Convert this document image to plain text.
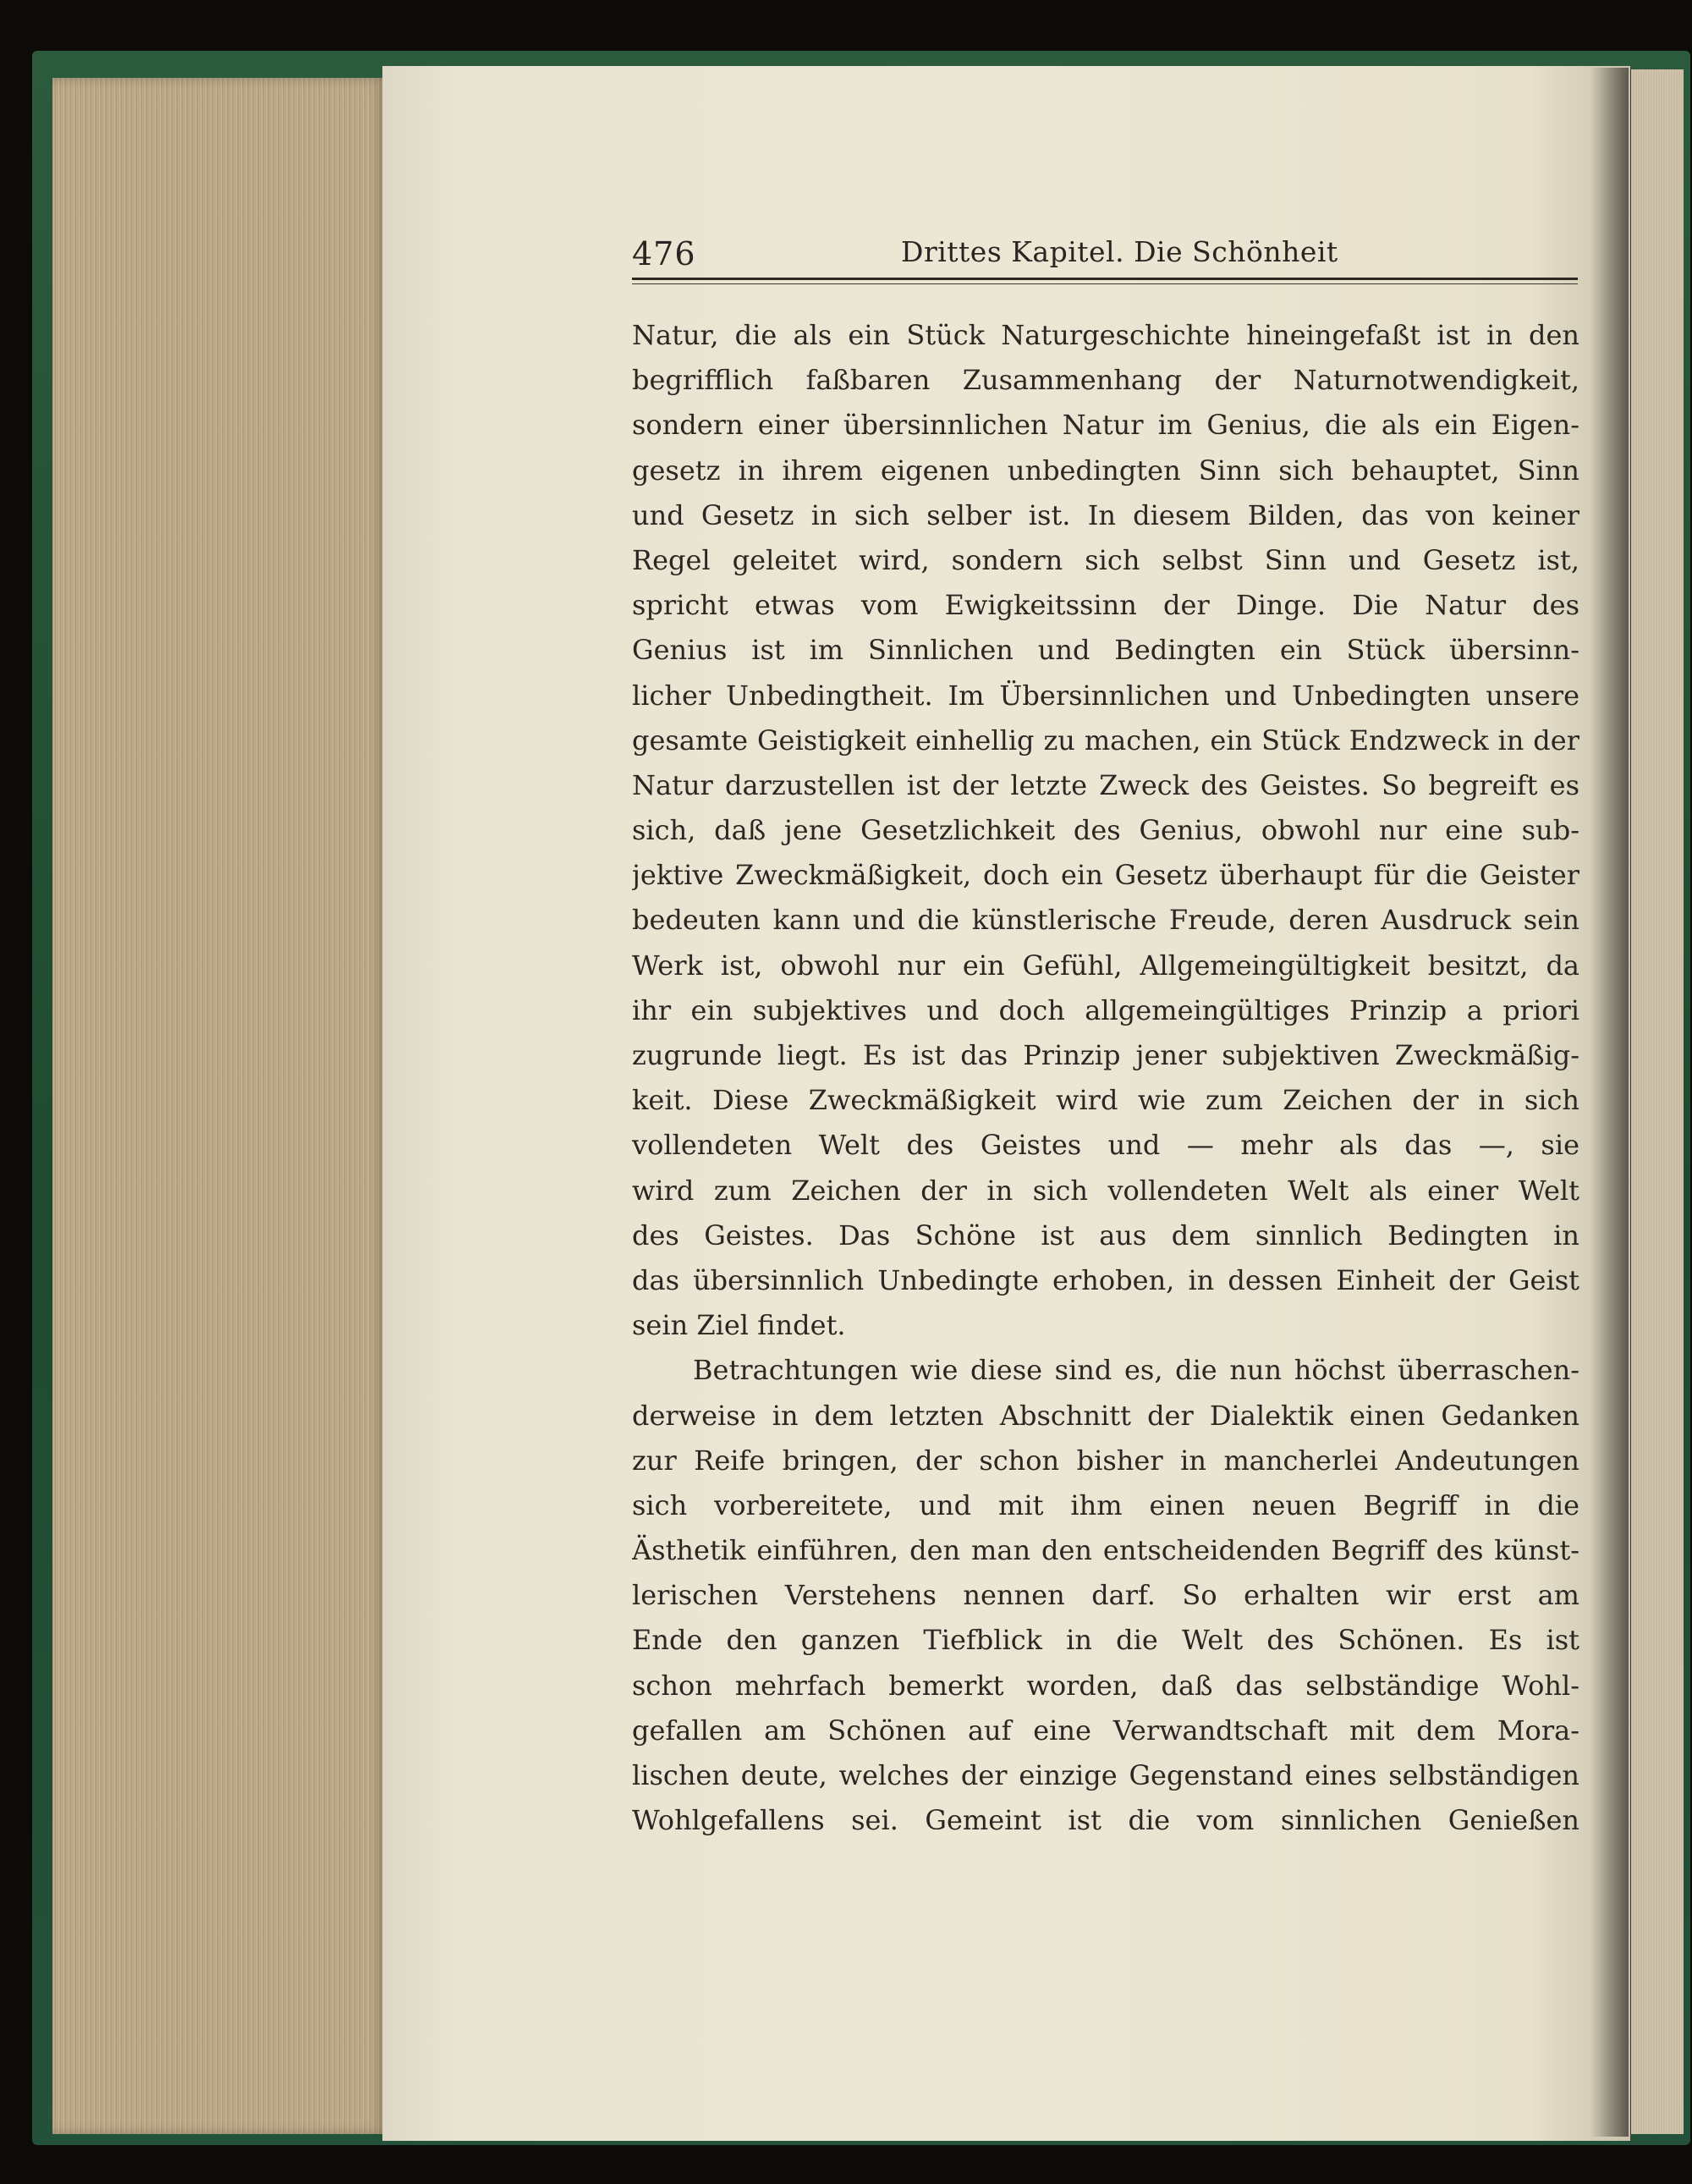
476	Drittes Kapitel. Die Schönheit
Natur, die als ein Stück Naturgeschichte hineingefaßt ist in den
begrifflich faßbaren Zusammenhang der Naturnotwendigkeit,
sondern einer übersinnlichen Natur im Genius, die als ein Eigen-
gesetz in ihrem eigenen unbedingten Sinn sich behauptet, Sinn
und Gesetz in sich selber ist. In diesem Bilden, das von keiner
Regel geleitet wird, sondern sich selbst Sinn und Gesetz ist,
spricht etwas vom Ewigkeitssinn der Dinge. Die Natur des
Genius ist im Sinnlichen und Bedingten ein Stück übersinn-
licher Unbedingtheit. Im Übersinnlichen und Unbedingten unsere
gesamte Geistigkeit einhellig zu machen, ein Stück Endzweck in der
Natur darzustellen ist der letzte Zweck des Geistes. So begreift es
sich, daß jene Gesetzlichkeit des Genius, obwohl nur eine sub-
jektive Zweckmäßigkeit, doch ein Gesetz überhaupt für die Geister
bedeuten kann und die künstlerische Freude, deren Ausdruck sein
Werk ist, obwohl nur ein Gefühl, Allgemeingültigkeit besitzt, da
ihr ein subjektives und doch allgemeingültiges Prinzip a priori
zugrunde liegt. Es ist das Prinzip jener subjektiven Zweckmäßig-
keit. Diese Zweckmäßigkeit wird wie zum Zeichen der in sich
vollendeten Welt des Geistes und — mehr als das —, sie
wird zum Zeichen der in sich vollendeten Welt als einer Welt
des Geistes. Das Schöne ist aus dem sinnlich Bedingten in
das übersinnlich Unbedingte erhoben, in dessen Einheit der Geist
sein Ziel findet.
Betrachtungen wie diese sind es, die nun höchst überraschen-
derweise in dem letzten Abschnitt der Dialektik einen Gedanken
zur Reife bringen, der schon bisher in mancherlei Andeutungen
sich vorbereitete, und mit ihm einen neuen Begriff in die
Ästhetik einführen, den man den entscheidenden Begriff des künst-
lerischen Verstehens nennen darf. So erhalten wir erst am
Ende den ganzen Tiefblick in die Welt des Schönen. Es ist
schon mehrfach bemerkt worden, daß das selbständige Wohl-
gefallen am Schönen auf eine Verwandtschaft mit dem Mora-
lischen deute, welches der einzige Gegenstand eines selbständigen
Wohlgefallens sei. Gemeint ist die vom sinnlichen Genießen
